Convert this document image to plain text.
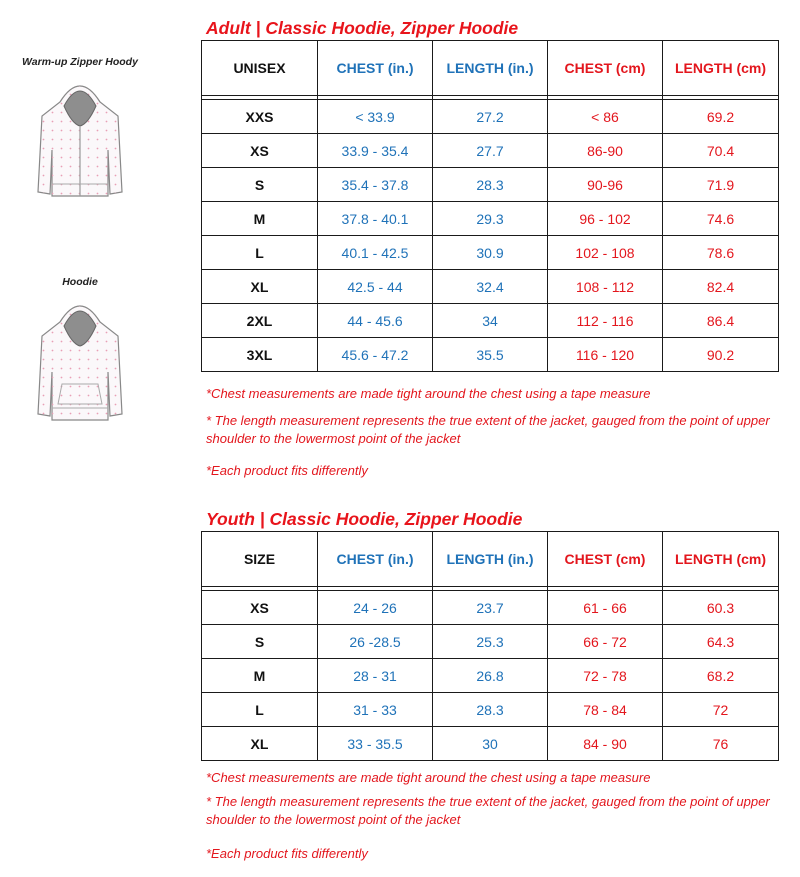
Warm-up Zipper Hoody
Hoodie
Adult | Classic Hoodie, Zipper Hoodie
UNISEX	CHEST (in.)	LENGTH (in.)	CHEST (cm)	LENGTH (cm)

XXS	< 33.9	27.2	< 86	69.2
XS	33.9 - 35.4	27.7	86-90	70.4
S	35.4 - 37.8	28.3	90-96	71.9
M	37.8 - 40.1	29.3	96 - 102	74.6
L	40.1 - 42.5	30.9	102 - 108	78.6
XL	42.5 - 44	32.4	108 - 112	82.4
2XL	44 - 45.6	34	112 - 116	86.4
3XL	45.6 - 47.2	35.5	116 - 120	90.2

*Chest measurements are made tight around the chest using a tape measure

* The length measurement represents the true extent of the jacket, gauged from the point of upper shoulder to the lowermost point of the jacket

*Each product fits differently

Youth | Classic Hoodie, Zipper Hoodie
SIZE	CHEST (in.)	LENGTH (in.)	CHEST (cm)	LENGTH (cm)

XS	24 - 26	23.7	61 - 66	60.3
S	26 -28.5	25.3	66 - 72	64.3
M	28 - 31	26.8	72 - 78	68.2
L	31 - 33	28.3	78 - 84	72
XL	33 - 35.5	30	84 - 90	76

*Chest measurements are made tight around the chest using a tape measure

* The length measurement represents the true extent of the jacket, gauged from the point of upper shoulder to the lowermost point of the jacket

*Each product fits differently
